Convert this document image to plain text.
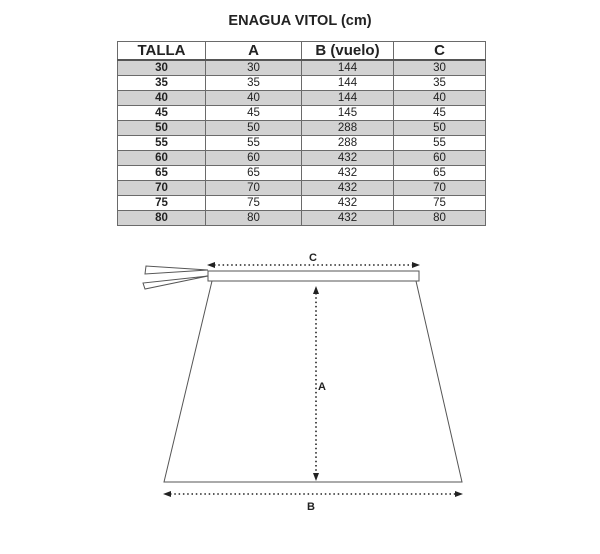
ENAGUA VITOL (cm)
TALLA	A	B (vuelo)	C
30	30	144	30
35	35	144	35
40	40	144	40
45	45	145	45
50	50	288	50
55	55	288	55
60	60	432	60
65	65	432	65
70	70	432	70
75	75	432	75
80	80	432	80
C
A
B
